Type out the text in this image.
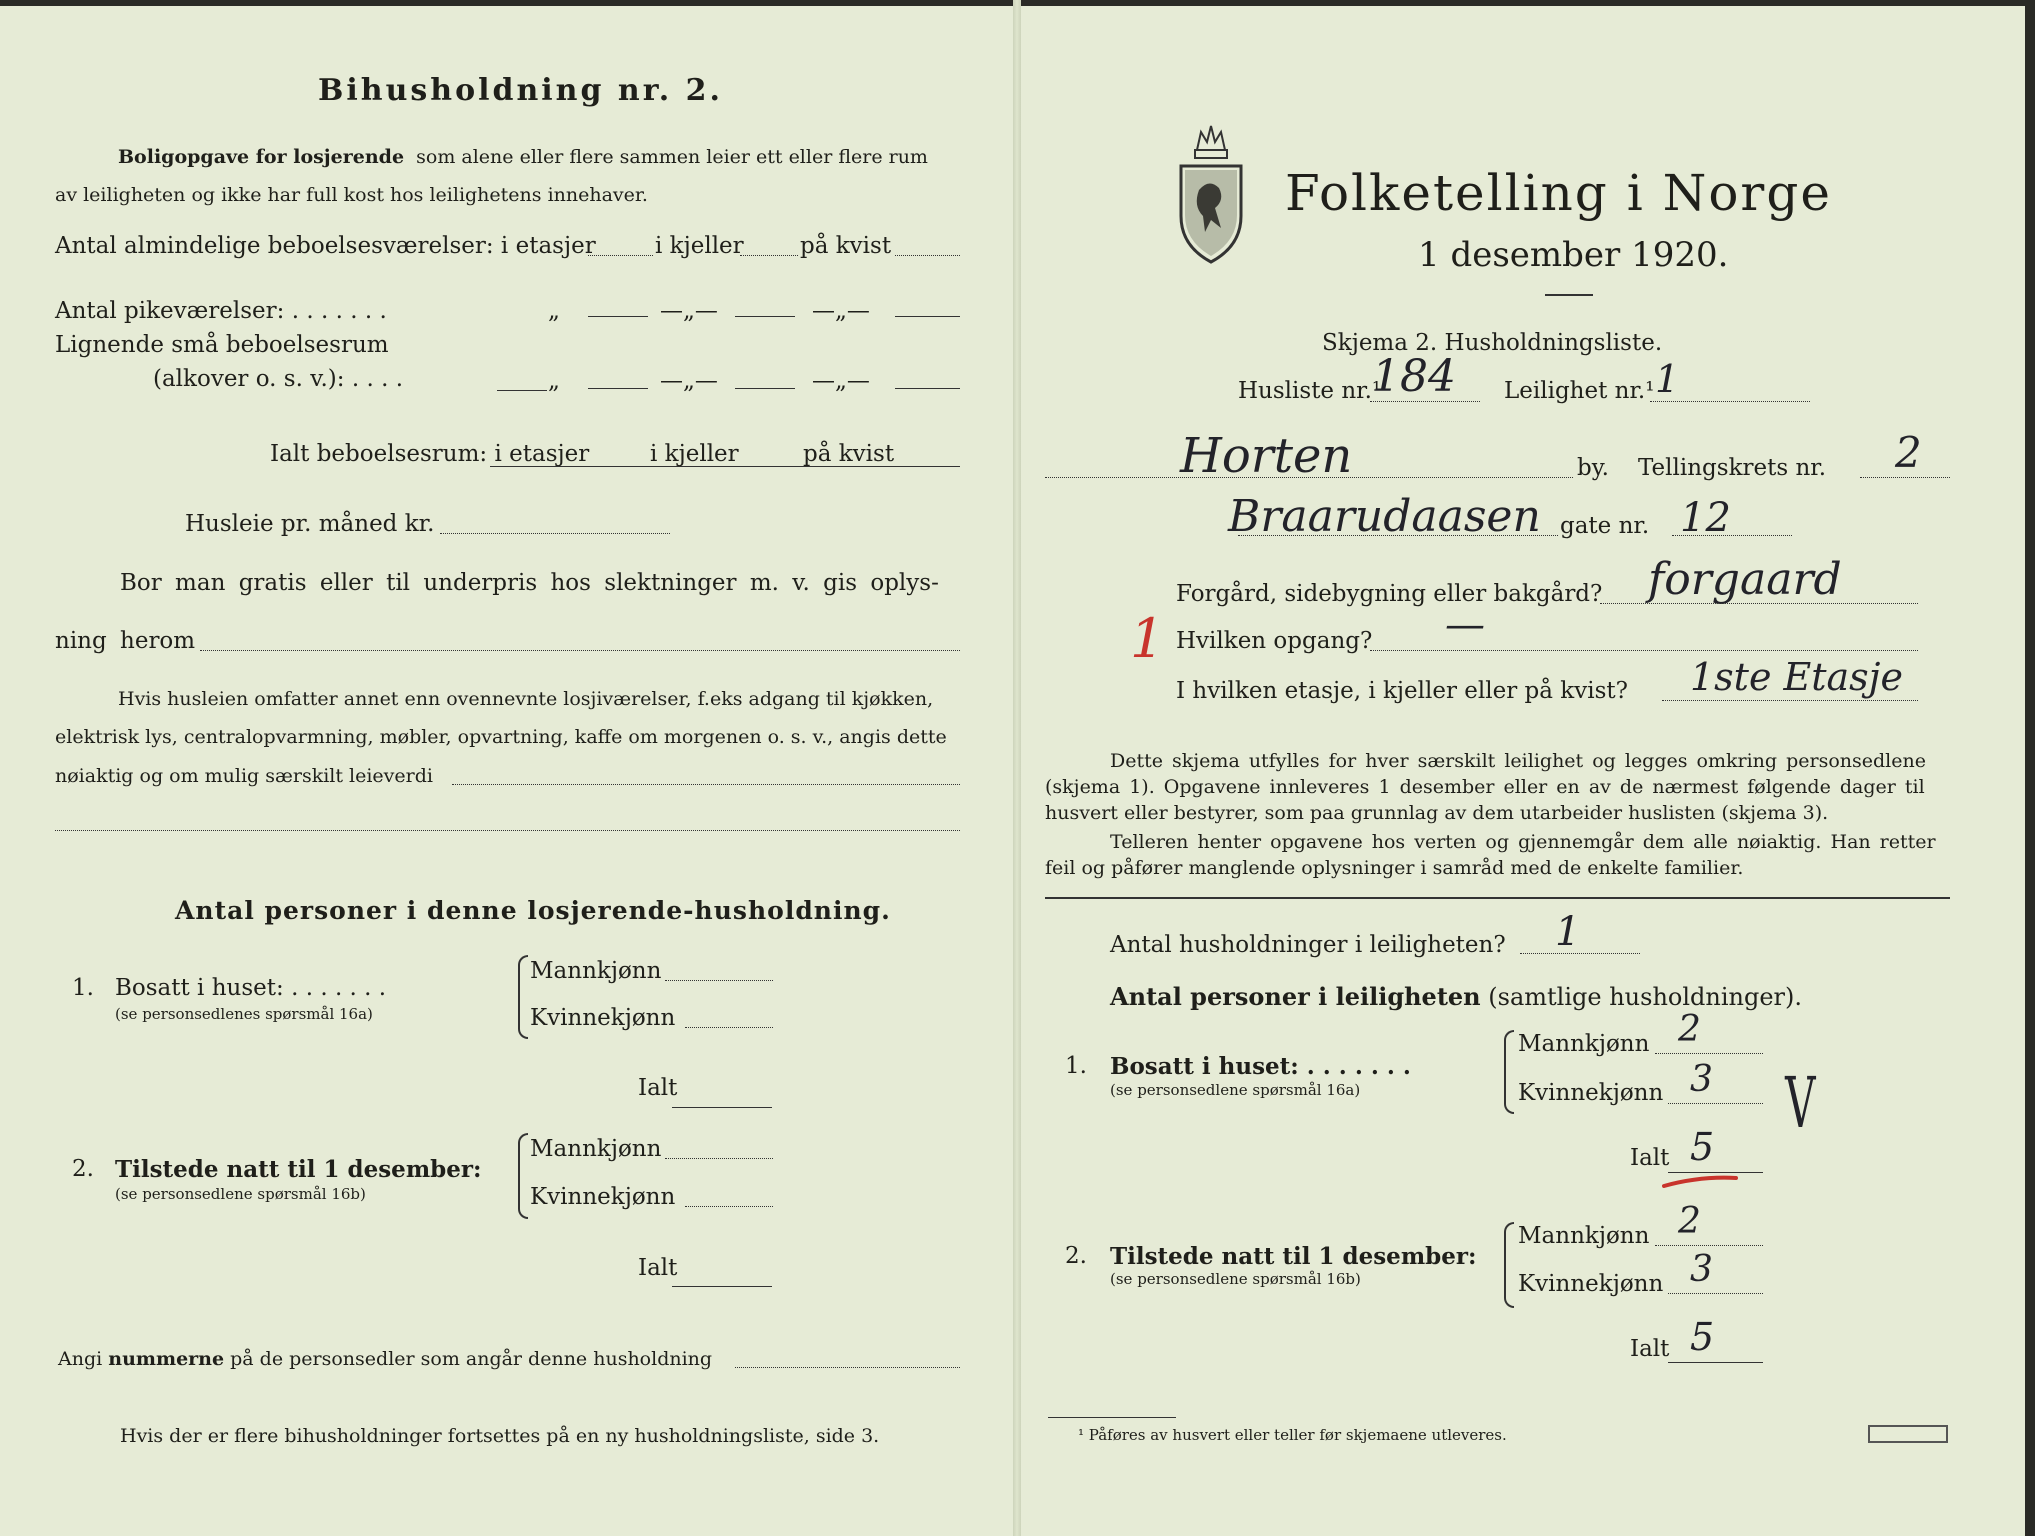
Bihusholdning nr. 2.
Boligopgave for losjerende som alene eller flere sammen leier ett eller flere rum
av leiligheten og ikke har full kost hos leilighetens innehaver.
Antal almindelige beboelsesværelser: i etasjer	i kjeller på kvist
Antal pikeværelser: . . . . . . .	„	—„—	—„—
Lignende små beboelsesrum
(alkover o. s. v.): . . . .	„	—„—	—„—
Ialt beboelsesrum: i etasjer	i kjeller	på kvist
Husleie pr. måned kr.
Bor man gratis eller til underpris hos slektninger m. v. gis oplys-
ning herom
Hvis husleien omfatter annet enn ovennevnte losjiværelser, f.eks adgang til kjøkken,
elektrisk lys, centralopvarmning, møbler, opvartning, kaffe om morgenen o. s. v., angis dette
nøiaktig og om mulig særskilt leieverdi
Antal personer i denne losjerende-husholdning.
1. Bosatt i huset: . . . . . . .
(se personsedlenes spørsmål 16a)
Mannkjønn
Kvinnekjønn
Ialt
2. Tilstede natt til 1 desember:
(se personsedlene spørsmål 16b)
Mannkjønn
Kvinnekjønn
Ialt
Angi nummerne på de personsedler som angår denne husholdning
Hvis der er flere bihusholdninger fortsettes på en ny husholdningsliste, side 3.
Folketelling i Norge
1 desember 1920.
Skjema 2. Husholdningsliste.
Husliste nr.¹
184 Leilighet nr.¹ 1
Horten	by. Tellingskrets nr. 2
Braarudaasen gate nr. 12
Forgård, sidebygning eller bakgård? forgaard
1 Hvilken opgang? —
I hvilken etasje, i kjeller eller på kvist? 1ste Etasje
Dette skjema utfylles for hver særskilt leilighet og legges omkring personsedlene
(skjema 1). Opgavene innleveres 1 desember eller en av de nærmest følgende dager til
husvert eller bestyrer, som paa grunnlag av dem utarbeider huslisten (skjema 3).
Telleren henter opgavene hos verten og gjennemgår dem alle nøiaktig. Han retter
feil og påfører manglende oplysninger i samråd med de enkelte familier.
Antal husholdninger i leiligheten? 1
Antal personer i leiligheten (samtlige husholdninger).
1. Bosatt i huset: . . . . . . .
(se personsedlene spørsmål 16a)
Mannkjønn 2
Kvinnekjønn 3 V
Ialt 5
2. Tilstede natt til 1 desember:
(se personsedlene spørsmål 16b)
Mannkjønn 2
Kvinnekjønn 3
Ialt 5
¹ Påføres av husvert eller teller før skjemaene utleveres.
